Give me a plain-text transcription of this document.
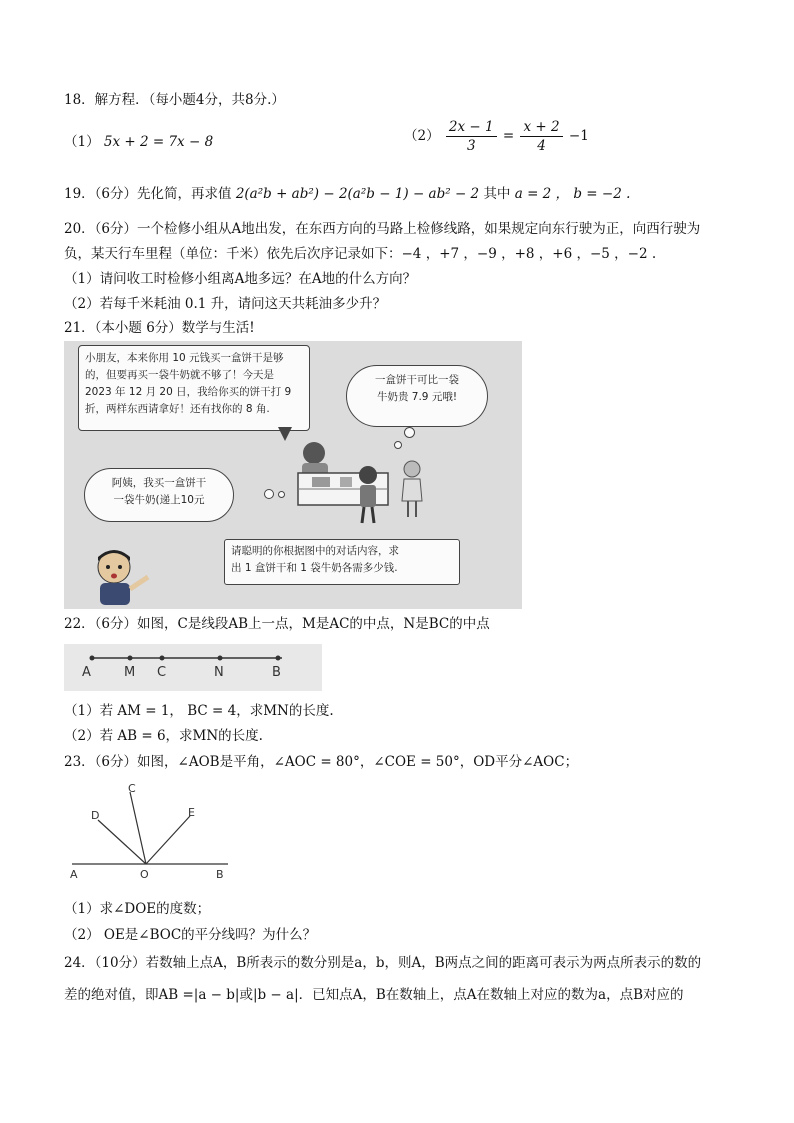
18．解方程．（每小题4分，共8分.）
（1） 5x + 2 = 7x − 8	$(2) \frac{2x - 1}{3} = \frac{x + 2}{4} -1$
19．（6分）先化简，再求值 2(a²b + ab²) − 2(a²b − 1) − ab² − 2 其中 a = 2 ， b = −2 .
20．（6分）一个检修小组从A地出发，在东西方向的马路上检修线路，如果规定向东行驶为正，向西行驶为
负，某天行车里程（单位：千米）依先后次序记录如下：−4 ，+7 ，−9 ，+8 ，+6 ，−5 ，−2 .
（1）请问收工时检修小组离A地多远？在A地的什么方向？
（2）若每千米耗油 0.1 升，请问这天共耗油多少升？
21．（本小题 6分）数学与生活!
小朋友，本来你用 10 元钱买一盒饼干是够
的，但要再买一袋牛奶就不够了！今天是
2023 年 12 月 20 日，我给你买的饼干打 9
折，两样东西请拿好！还有找你的 8 角.
一盒饼干可比一袋
牛奶贵 7.9 元哦!
阿姨，我买一盒饼干
一袋牛奶(递上10元
请聪明的你根据图中的对话内容，求
出 1 盒饼干和 1 袋牛奶各需多少钱.
22．（6分）如图，C是线段AB上一点，M是AC的中点，N是BC的中点
A	M C	N	B
（1）若 AM = 1， BC = 4，求MN的长度.
（2）若 AB = 6，求MN的长度.
23．（6分）如图，∠AOB是平角，∠AOC = 80°，∠COE = 50°，OD平分∠AOC；
C
D	E
A	O	B
（1）求∠DOE的度数；
（2） OE是∠BOC的平分线吗？为什么？
24．（10分）若数轴上点A，B所表示的数分别是a，b，则A，B两点之间的距离可表示为两点所表示的数的
差的绝对值，即AB =|a − b|或|b − a|．已知点A，B在数轴上，点A在数轴上对应的数为a，点B对应的
